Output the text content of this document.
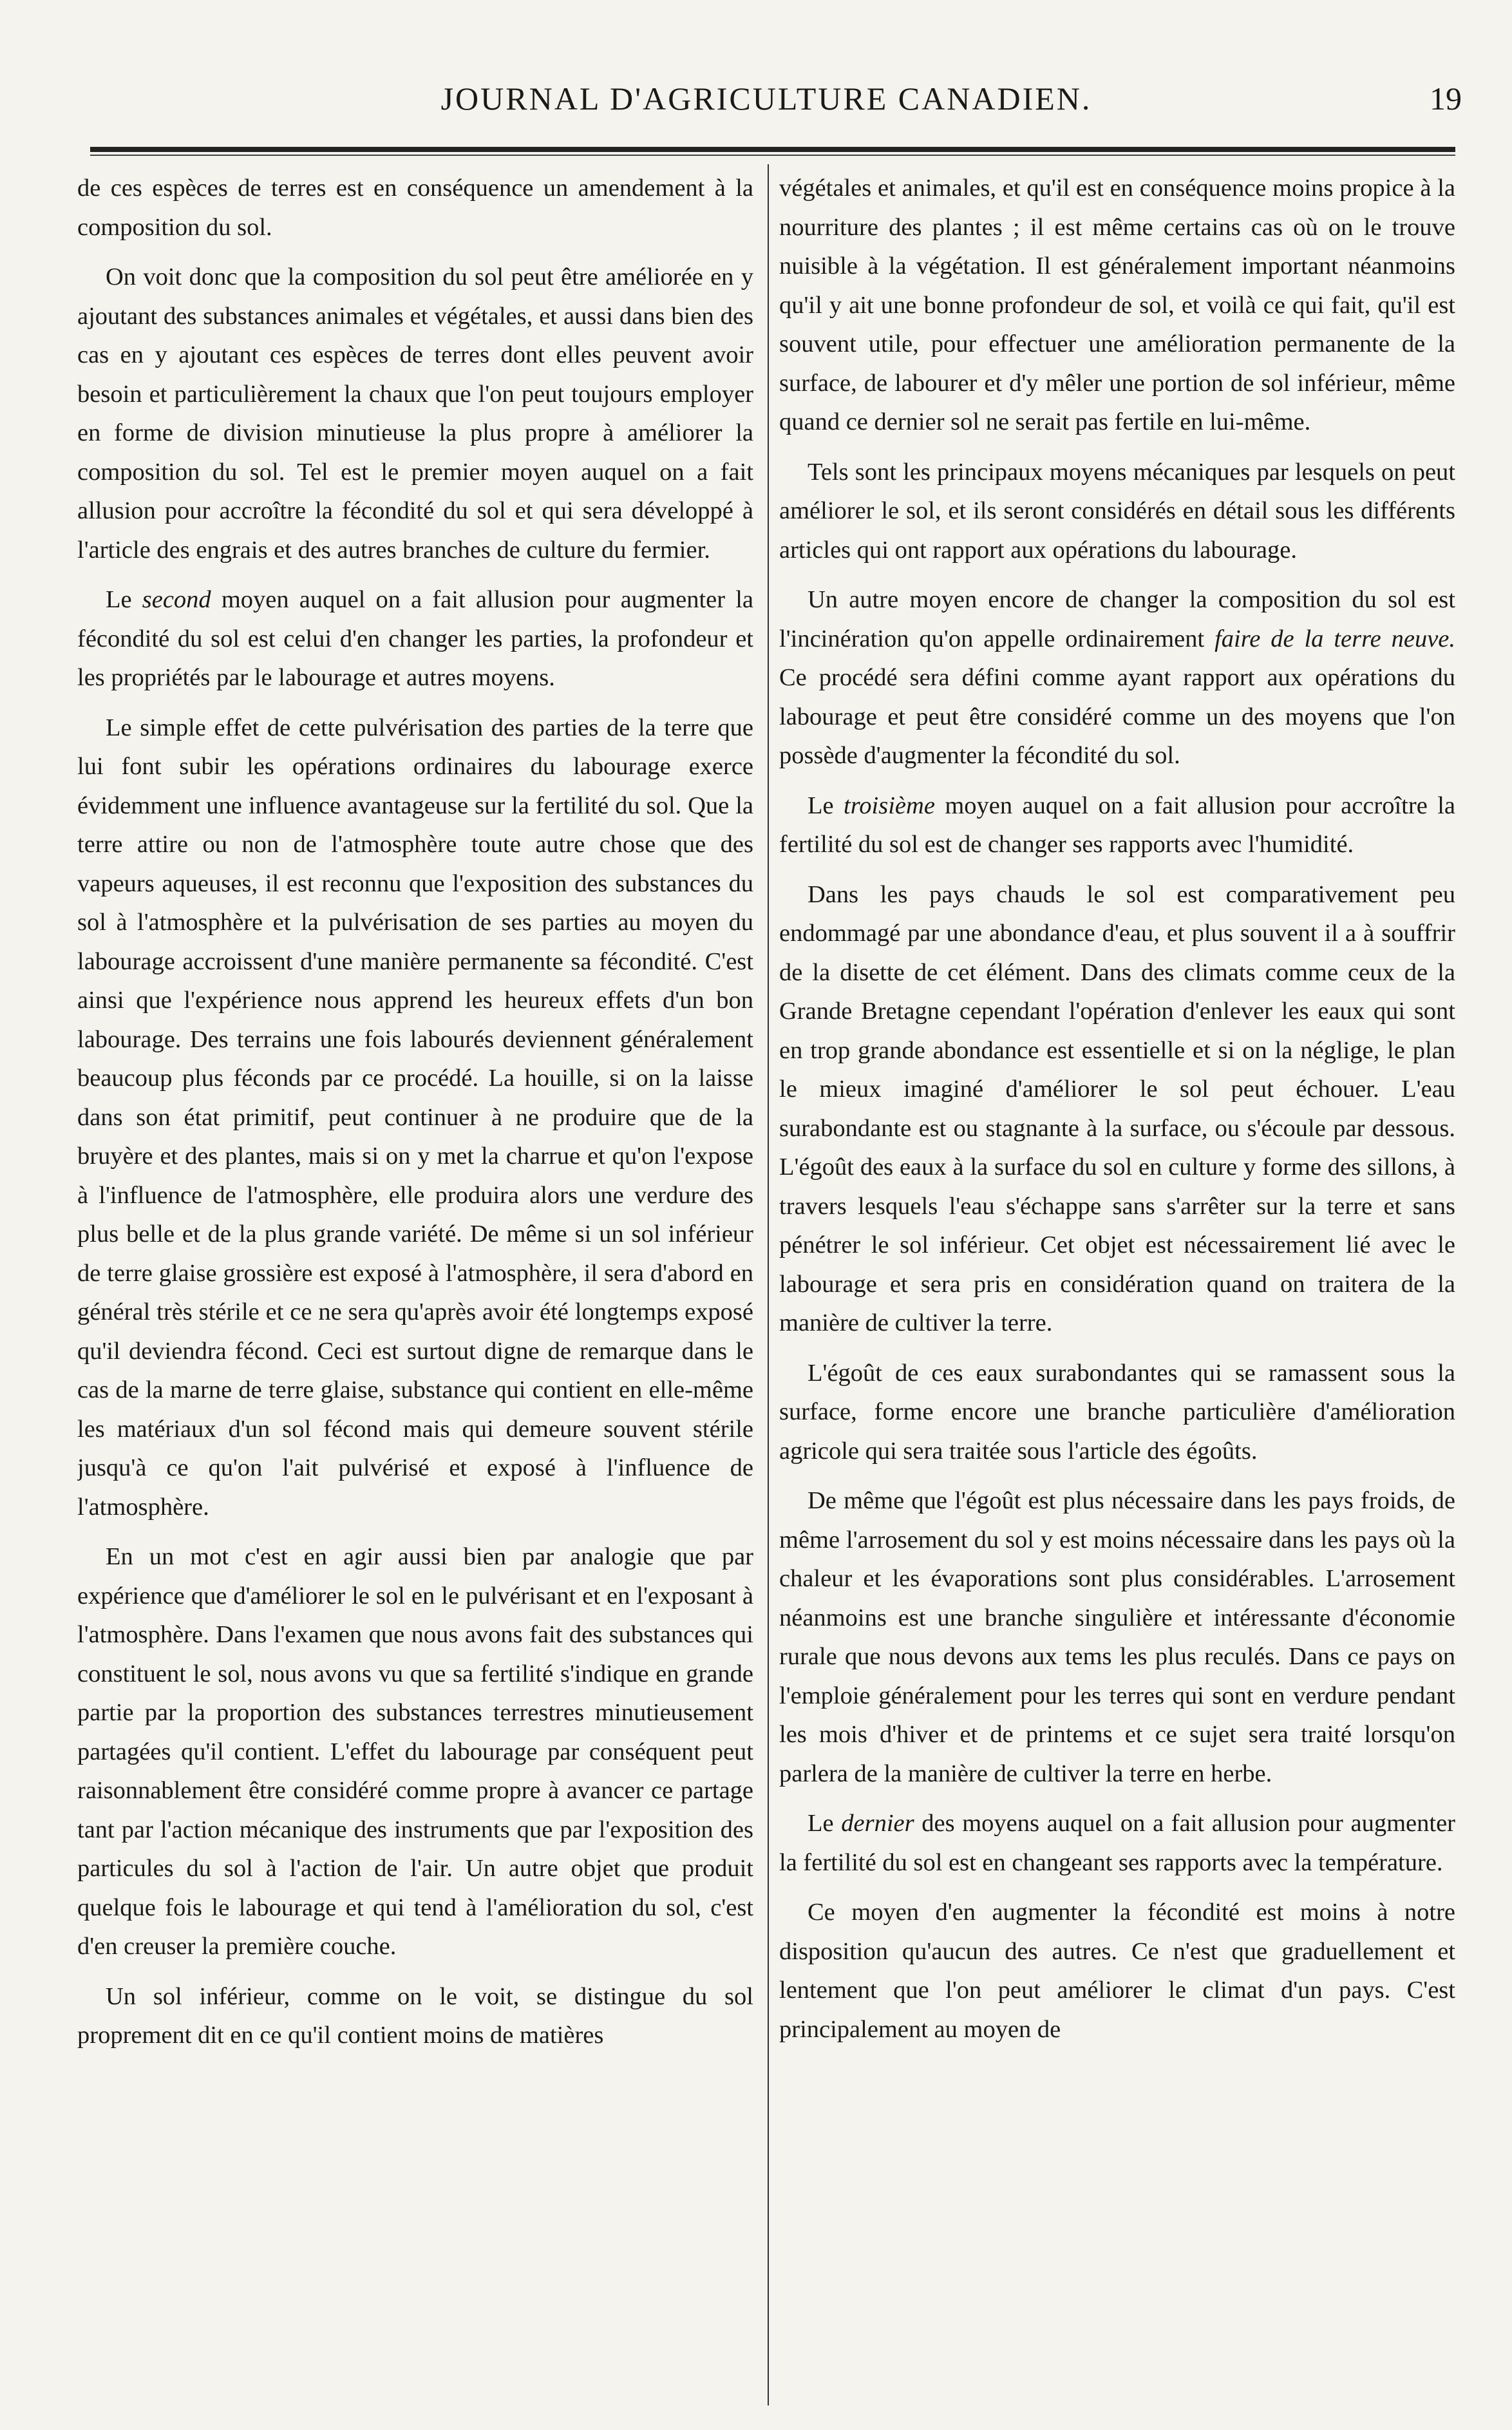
JOURNAL D'AGRICULTURE CANADIEN.	19

de ces espèces de terres est en conséquence un amendement à la composition du sol.

On voit donc que la composition du sol peut être améliorée en y ajoutant des substances animales et végétales, et aussi dans bien des cas en y ajoutant ces espèces de terres dont elles peuvent avoir besoin et particulièrement la chaux que l'on peut toujours employer en forme de division minutieuse la plus propre à améliorer la composition du sol. Tel est le premier moyen auquel on a fait allusion pour accroître la fécondité du sol et qui sera développé à l'article des engrais et des autres branches de culture du fermier.

Le second moyen auquel on a fait allusion pour augmenter la fécondité du sol est celui d'en changer les parties, la profondeur et les propriétés par le labourage et autres moyens.

Le simple effet de cette pulvérisation des parties de la terre que lui font subir les opérations ordinaires du labourage exerce évidemment une influence avantageuse sur la fertilité du sol. Que la terre attire ou non de l'atmosphère toute autre chose que des vapeurs aqueuses, il est reconnu que l'exposition des substances du sol à l'atmosphère et la pulvérisation de ses parties au moyen du labourage accroissent d'une manière permanente sa fécondité. C'est ainsi que l'expérience nous apprend les heureux effets d'un bon labourage. Des terrains une fois labourés deviennent généralement beaucoup plus féconds par ce procédé. La houille, si on la laisse dans son état primitif, peut continuer à ne produire que de la bruyère et des plantes, mais si on y met la charrue et qu'on l'expose à l'influence de l'atmosphère, elle produira alors une verdure des plus belle et de la plus grande variété. De même si un sol inférieur de terre glaise grossière est exposé à l'atmosphère, il sera d'abord en général très stérile et ce ne sera qu'après avoir été longtemps exposé qu'il deviendra fécond. Ceci est surtout digne de remarque dans le cas de la marne de terre glaise, substance qui contient en elle-même les matériaux d'un sol fécond mais qui demeure souvent stérile jusqu'à ce qu'on l'ait pulvérisé et exposé à l'influence de l'atmosphère.

En un mot c'est en agir aussi bien par analogie que par expérience que d'améliorer le sol en le pulvérisant et en l'exposant à l'atmosphère. Dans l'examen que nous avons fait des substances qui constituent le sol, nous avons vu que sa fertilité s'indique en grande partie par la proportion des substances terrestres minutieusement partagées qu'il contient. L'effet du labourage par conséquent peut raisonnablement être considéré comme propre à avancer ce partage tant par l'action mécanique des instruments que par l'exposition des particules du sol à l'action de l'air. Un autre objet que produit quelque fois le labourage et qui tend à l'amélioration du sol, c'est d'en creuser la première couche.

Un sol inférieur, comme on le voit, se distingue du sol proprement dit en ce qu'il contient moins de matières

végétales et animales, et qu'il est en conséquence moins propice à la nourriture des plantes ; il est même certains cas où on le trouve nuisible à la végétation. Il est généralement important néanmoins qu'il y ait une bonne profondeur de sol, et voilà ce qui fait, qu'il est souvent utile, pour effectuer une amélioration permanente de la surface, de labourer et d'y mêler une portion de sol inférieur, même quand ce dernier sol ne serait pas fertile en lui-même.

Tels sont les principaux moyens mécaniques par lesquels on peut améliorer le sol, et ils seront considérés en détail sous les différents articles qui ont rapport aux opérations du labourage.

Un autre moyen encore de changer la composition du sol est l'incinération qu'on appelle ordinairement faire de la terre neuve. Ce procédé sera défini comme ayant rapport aux opérations du labourage et peut être considéré comme un des moyens que l'on possède d'augmenter la fécondité du sol.

Le troisième moyen auquel on a fait allusion pour accroître la fertilité du sol est de changer ses rapports avec l'humidité.

Dans les pays chauds le sol est comparativement peu endommagé par une abondance d'eau, et plus souvent il a à souffrir de la disette de cet élément. Dans des climats comme ceux de la Grande Bretagne cependant l'opération d'enlever les eaux qui sont en trop grande abondance est essentielle et si on la néglige, le plan le mieux imaginé d'améliorer le sol peut échouer. L'eau surabondante est ou stagnante à la surface, ou s'écoule par dessous. L'égoût des eaux à la surface du sol en culture y forme des sillons, à travers lesquels l'eau s'échappe sans s'arrêter sur la terre et sans pénétrer le sol inférieur. Cet objet est nécessairement lié avec le labourage et sera pris en considération quand on traitera de la manière de cultiver la terre.

L'égoût de ces eaux surabondantes qui se ramassent sous la surface, forme encore une branche particulière d'amélioration agricole qui sera traitée sous l'article des égoûts.

De même que l'égoût est plus nécessaire dans les pays froids, de même l'arrosement du sol y est moins nécessaire dans les pays où la chaleur et les évaporations sont plus considérables. L'arrosement néanmoins est une branche singulière et intéressante d'économie rurale que nous devons aux tems les plus reculés. Dans ce pays on l'emploie généralement pour les terres qui sont en verdure pendant les mois d'hiver et de printems et ce sujet sera traité lorsqu'on parlera de la manière de cultiver la terre en herbe.

Le dernier des moyens auquel on a fait allusion pour augmenter la fertilité du sol est en changeant ses rapports avec la température.

Ce moyen d'en augmenter la fécondité est moins à notre disposition qu'aucun des autres. Ce n'est que graduellement et lentement que l'on peut améliorer le climat d'un pays. C'est principalement au moyen de
